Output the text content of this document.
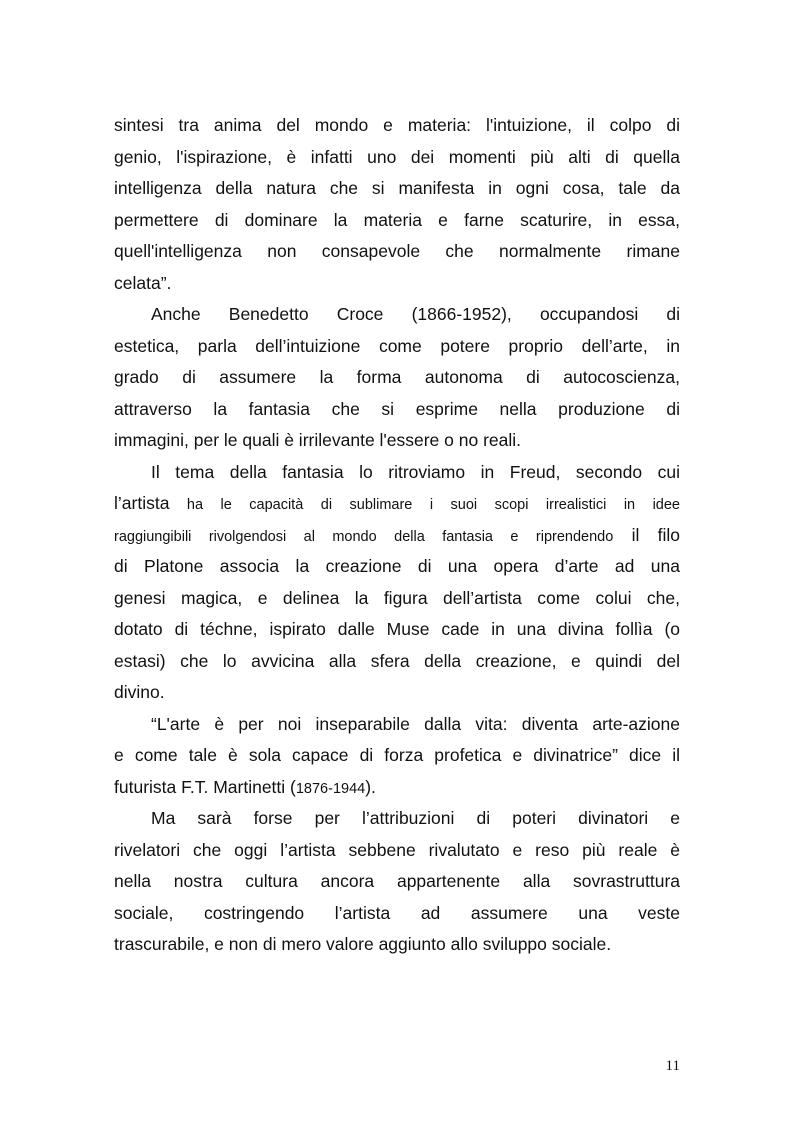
sintesi tra anima del mondo e materia: l'intuizione, il colpo di
genio, l'ispirazione, è infatti uno dei momenti più alti di quella
intelligenza della natura che si manifesta in ogni cosa, tale da
permettere di dominare la materia e farne scaturire, in essa,
quell'intelligenza non consapevole che normalmente rimane
celata”.
Anche Benedetto Croce (1866-1952), occupandosi di
estetica, parla dell’intuizione come potere proprio dell’arte, in
grado di assumere la forma autonoma di autocoscienza,
attraverso la fantasia che si esprime nella produzione di
immagini, per le quali è irrilevante l'essere o no reali.
Il tema della fantasia lo ritroviamo in Freud, secondo cui
l’artista ha le capacità di sublimare i suoi scopi irrealistici in idee
raggiungibili rivolgendosi al mondo della fantasia e riprendendo il filo
di Platone associa la creazione di una opera d’arte ad una
genesi magica, e delinea la figura dell’artista come colui che,
dotato di téchne, ispirato dalle Muse cade in una divina follìa (o
estasi) che lo avvicina alla sfera della creazione, e quindi del
divino.
“L'arte è per noi inseparabile dalla vita: diventa arte-azione
e come tale è sola capace di forza profetica e divinatrice” dice il
futurista F.T. Martinetti (1876-1944).
Ma sarà forse per l’attribuzioni di poteri divinatori e
rivelatori che oggi l’artista sebbene rivalutato e reso più reale è
nella nostra cultura ancora appartenente alla sovrastruttura
sociale, costringendo l’artista ad assumere una veste
trascurabile, e non di mero valore aggiunto allo sviluppo sociale.
11
